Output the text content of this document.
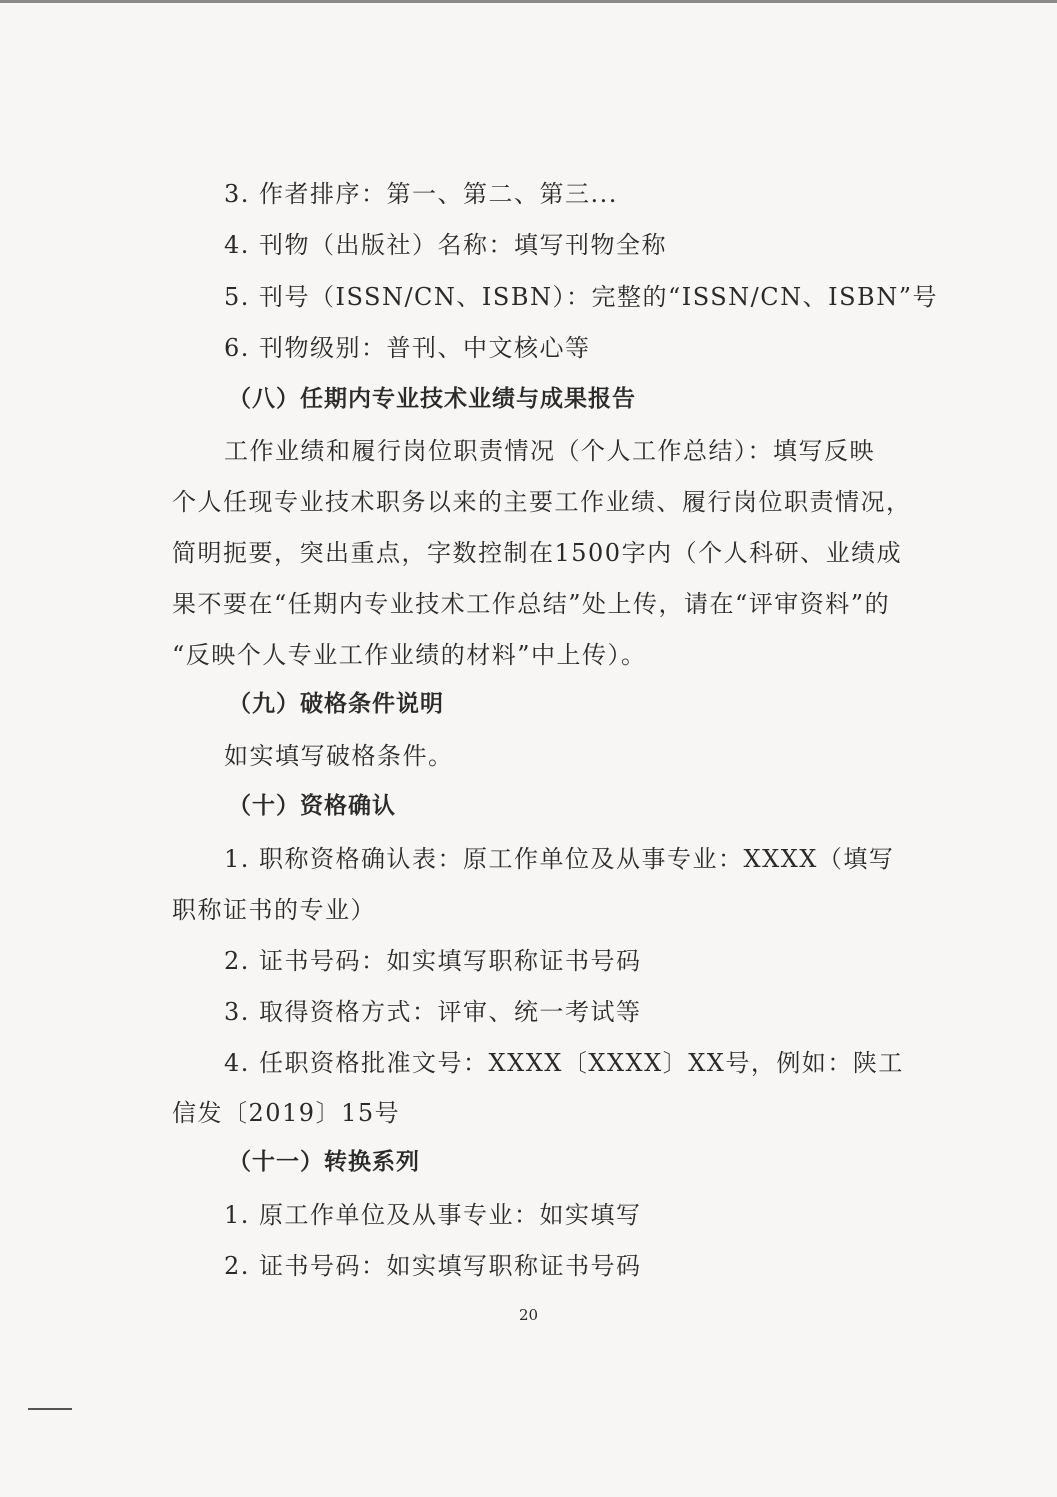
3. 作者排序：第一、第二、第三...

4. 刊物（出版社）名称：填写刊物全称

5. 刊号（ISSN/CN、ISBN）：完整的“ISSN/CN、ISBN”号

6. 刊物级别：普刊、中文核心等

（八）任期内专业技术业绩与成果报告

工作业绩和履行岗位职责情况（个人工作总结）：填写反映

个人任现专业技术职务以来的主要工作业绩、履行岗位职责情况，

简明扼要，突出重点，字数控制在1500字内（个人科研、业绩成

果不要在“任期内专业技术工作总结”处上传，请在“评审资料”的

“反映个人专业工作业绩的材料”中上传）。

（九）破格条件说明

如实填写破格条件。

（十）资格确认

1. 职称资格确认表：原工作单位及从事专业：XXXX（填写

职称证书的专业）

2. 证书号码：如实填写职称证书号码

3. 取得资格方式：评审、统一考试等

4. 任职资格批准文号：XXXX〔XXXX〕XX号，例如：陕工

信发〔2019〕15号

（十一）转换系列

1. 原工作单位及从事专业：如实填写

2. 证书号码：如实填写职称证书号码

20
